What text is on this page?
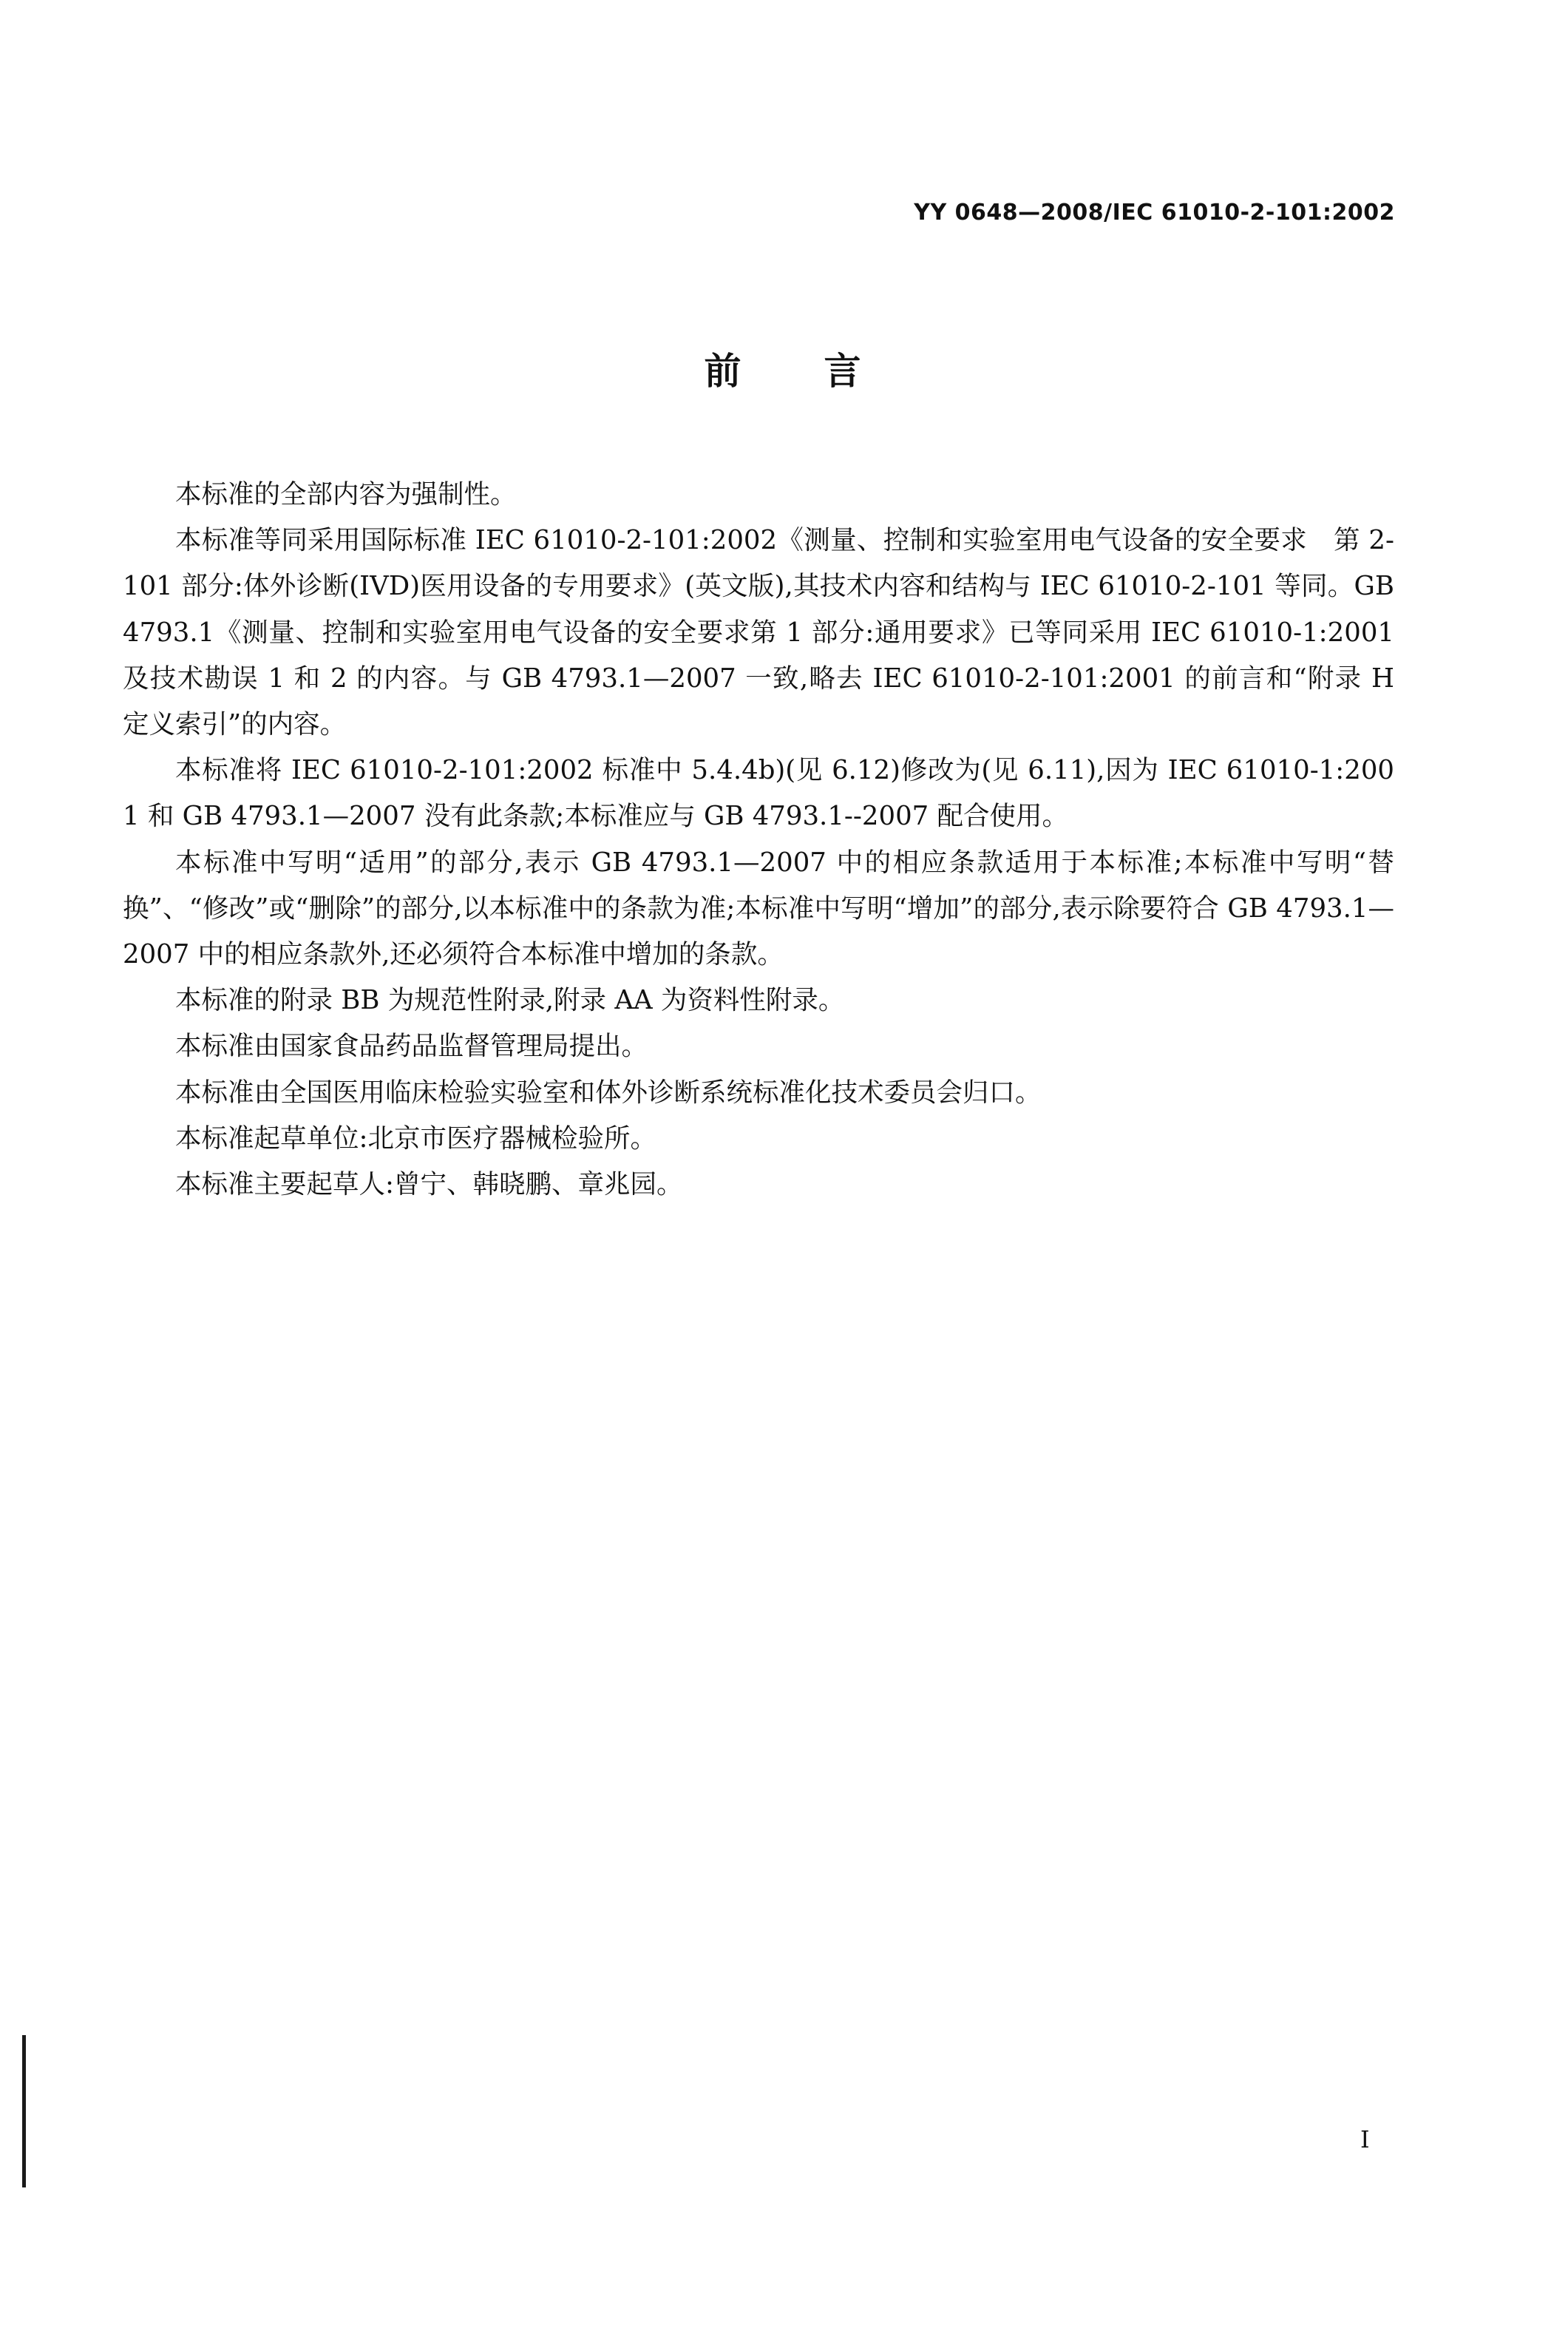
YY 0648—2008/IEC 61010-2-101:2002
前　　言

本标准的全部内容为强制性。

本标准等同采用国际标准 IEC 61010-2-101:2002《测量、控制和实验室用电气设备的安全要求　第 2-101 部分:体外诊断(IVD)医用设备的专用要求》(英文版),其技术内容和结构与 IEC 61010-2-101 等同。GB 4793.1《测量、控制和实验室用电气设备的安全要求第 1 部分:通用要求》已等同采用 IEC 61010-1:2001及技术勘误 1 和 2 的内容。与 GB 4793.1—2007 一致,略去 IEC 61010-2-101:2001 的前言和“附录 H 定义索引”的内容。

本标准将 IEC 61010-2-101:2002 标准中 5.4.4b)(见 6.12)修改为(见 6.11),因为 IEC 61010-1:2001 和 GB 4793.1—2007 没有此条款;本标准应与 GB 4793.1--2007 配合使用。

本标准中写明“适用”的部分,表示 GB 4793.1—2007 中的相应条款适用于本标准;本标准中写明“替换”、“修改”或“删除”的部分,以本标准中的条款为准;本标准中写明“增加”的部分,表示除要符合 GB 4793.1—2007 中的相应条款外,还必须符合本标准中增加的条款。

本标准的附录 BB 为规范性附录,附录 AA 为资料性附录。

本标准由国家食品药品监督管理局提出。

本标准由全国医用临床检验实验室和体外诊断系统标准化技术委员会归口。

本标准起草单位:北京市医疗器械检验所。

本标准主要起草人:曾宁、韩晓鹏、章兆园。

I
